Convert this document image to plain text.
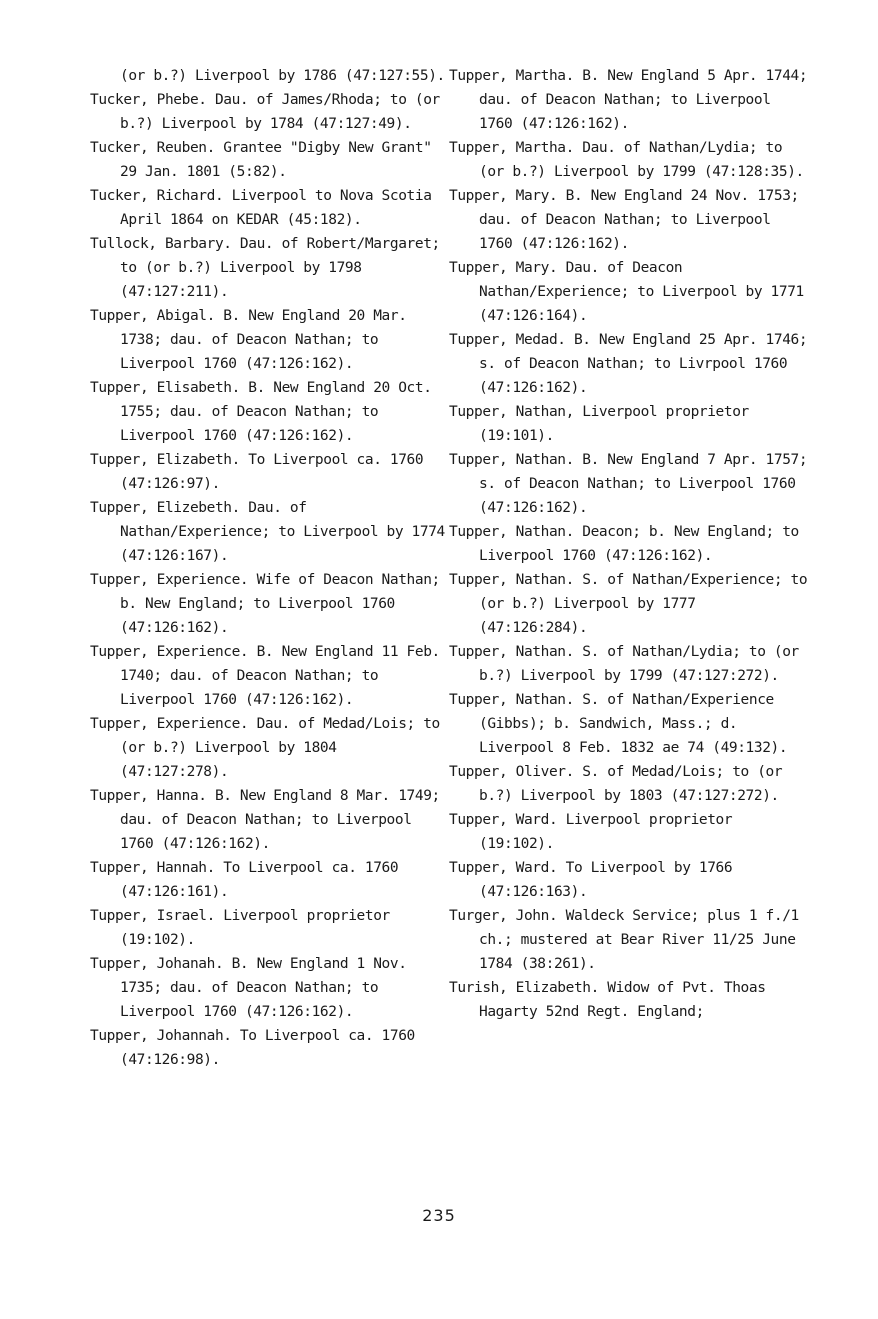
(or b.?) Liverpool by 1786 (47:127:55).

Tucker, Phebe. Dau. of James/Rhoda; to (or b.?) Liverpool by 1784 (47:127:49).

Tucker, Reuben. Grantee "Digby New Grant" 29 Jan. 1801 (5:82).

Tucker, Richard. Liverpool to Nova Scotia April 1864 on KEDAR (45:182).

Tullock, Barbary. Dau. of Robert/Margaret; to (or b.?) Liverpool by 1798 (47:127:211).

Tupper, Abigal. B. New England 20 Mar. 1738; dau. of Deacon Nathan; to Liverpool 1760 (47:126:162).

Tupper, Elisabeth. B. New England 20 Oct. 1755; dau. of Deacon Nathan; to Liverpool 1760 (47:126:162).

Tupper, Elizabeth. To Liverpool ca. 1760 (47:126:97).

Tupper, Elizebeth. Dau. of Nathan/Experience; to Liverpool by 1774 (47:126:167).

Tupper, Experience. Wife of Deacon Nathan; b. New England; to Liverpool 1760 (47:126:162).

Tupper, Experience. B. New England 11 Feb. 1740; dau. of Deacon Nathan; to Liverpool 1760 (47:126:162).

Tupper, Experience. Dau. of Medad/Lois; to (or b.?) Liverpool by 1804 (47:127:278).

Tupper, Hanna. B. New England 8 Mar. 1749; dau. of Deacon Nathan; to Liverpool 1760 (47:126:162).

Tupper, Hannah. To Liverpool ca. 1760 (47:126:161).

Tupper, Israel. Liverpool proprietor (19:102).

Tupper, Johanah. B. New England 1 Nov. 1735; dau. of Deacon Nathan; to Liverpool 1760 (47:126:162).

Tupper, Johannah. To Liverpool ca. 1760 (47:126:98).

Tupper, Martha. B. New England 5 Apr. 1744; dau. of Deacon Nathan; to Liverpool 1760 (47:126:162).

Tupper, Martha. Dau. of Nathan/Lydia; to (or b.?) Liverpool by 1799 (47:128:35).

Tupper, Mary. B. New England 24 Nov. 1753; dau. of Deacon Nathan; to Liverpool 1760 (47:126:162).

Tupper, Mary. Dau. of Deacon Nathan/Experience; to Liverpool by 1771 (47:126:164).

Tupper, Medad. B. New England 25 Apr. 1746; s. of Deacon Nathan; to Livrpool 1760 (47:126:162).

Tupper, Nathan, Liverpool proprietor (19:101).

Tupper, Nathan. B. New England 7 Apr. 1757; s. of Deacon Nathan; to Liverpool 1760 (47:126:162).

Tupper, Nathan. Deacon; b. New England; to Liverpool 1760 (47:126:162).

Tupper, Nathan. S. of Nathan/Experience; to (or b.?) Liverpool by 1777 (47:126:284).

Tupper, Nathan. S. of Nathan/Lydia; to (or b.?) Liverpool by 1799 (47:127:272).

Tupper, Nathan. S. of Nathan/Experience (Gibbs); b. Sandwich, Mass.; d. Liverpool 8 Feb. 1832 ae 74 (49:132).

Tupper, Oliver. S. of Medad/Lois; to (or b.?) Liverpool by 1803 (47:127:272).

Tupper, Ward. Liverpool proprietor (19:102).

Tupper, Ward. To Liverpool by 1766 (47:126:163).

Turger, John. Waldeck Service; plus 1 f./1 ch.; mustered at Bear River 11/25 June 1784 (38:261).

Turish, Elizabeth. Widow of Pvt. Thoas Hagarty 52nd Regt. England;

235
